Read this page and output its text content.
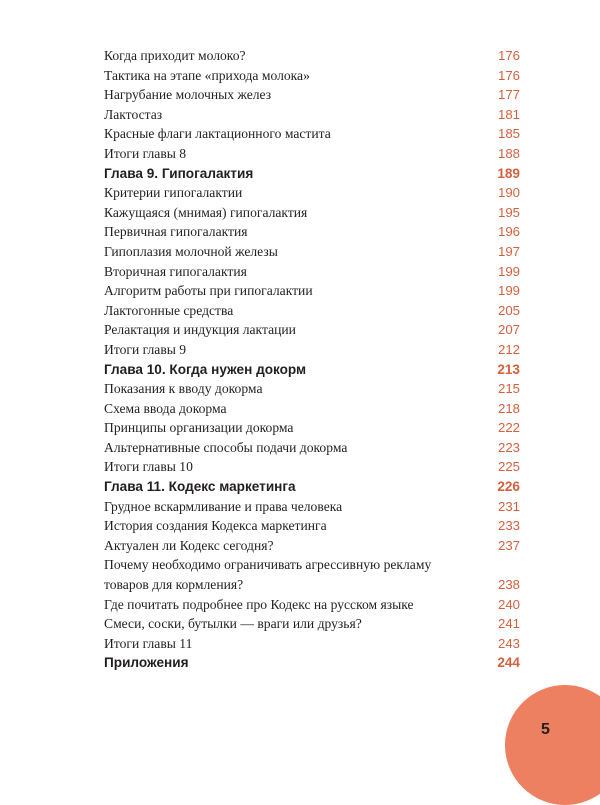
Когда приходит молоко?	176
Тактика на этапе «прихода молока»	176
Нагрубание молочных желез	177
Лактостаз	181
Красные флаги лактационного мастита	185
Итоги главы 8	188
Глава 9. Гипогалактия	189
Критерии гипогалактии	190
Кажущаяся (мнимая) гипогалактия	195
Первичная гипогалактия	196
Гипоплазия молочной железы	197
Вторичная гипогалактия	199
Алгоритм работы при гипогалактии	199
Лактогонные средства	205
Релактация и индукция лактации	207
Итоги главы 9	212
Глава 10. Когда нужен докорм	213
Показания к вводу докорма	215
Схема ввода докорма	218
Принципы организации докорма	222
Альтернативные способы подачи докорма	223
Итоги главы 10	225
Глава 11. Кодекс маркетинга	226
Грудное вскармливание и права человека	231
История создания Кодекса маркетинга	233
Актуален ли Кодекс сегодня?	237
Почему необходимо ограничивать агрессивную рекламу
товаров для кормления?	238
Где почитать подробнее про Кодекс на русском языке	240
Смеси, соски, бутылки — враги или друзья?	241
Итоги главы 11	243
Приложения	244
5
